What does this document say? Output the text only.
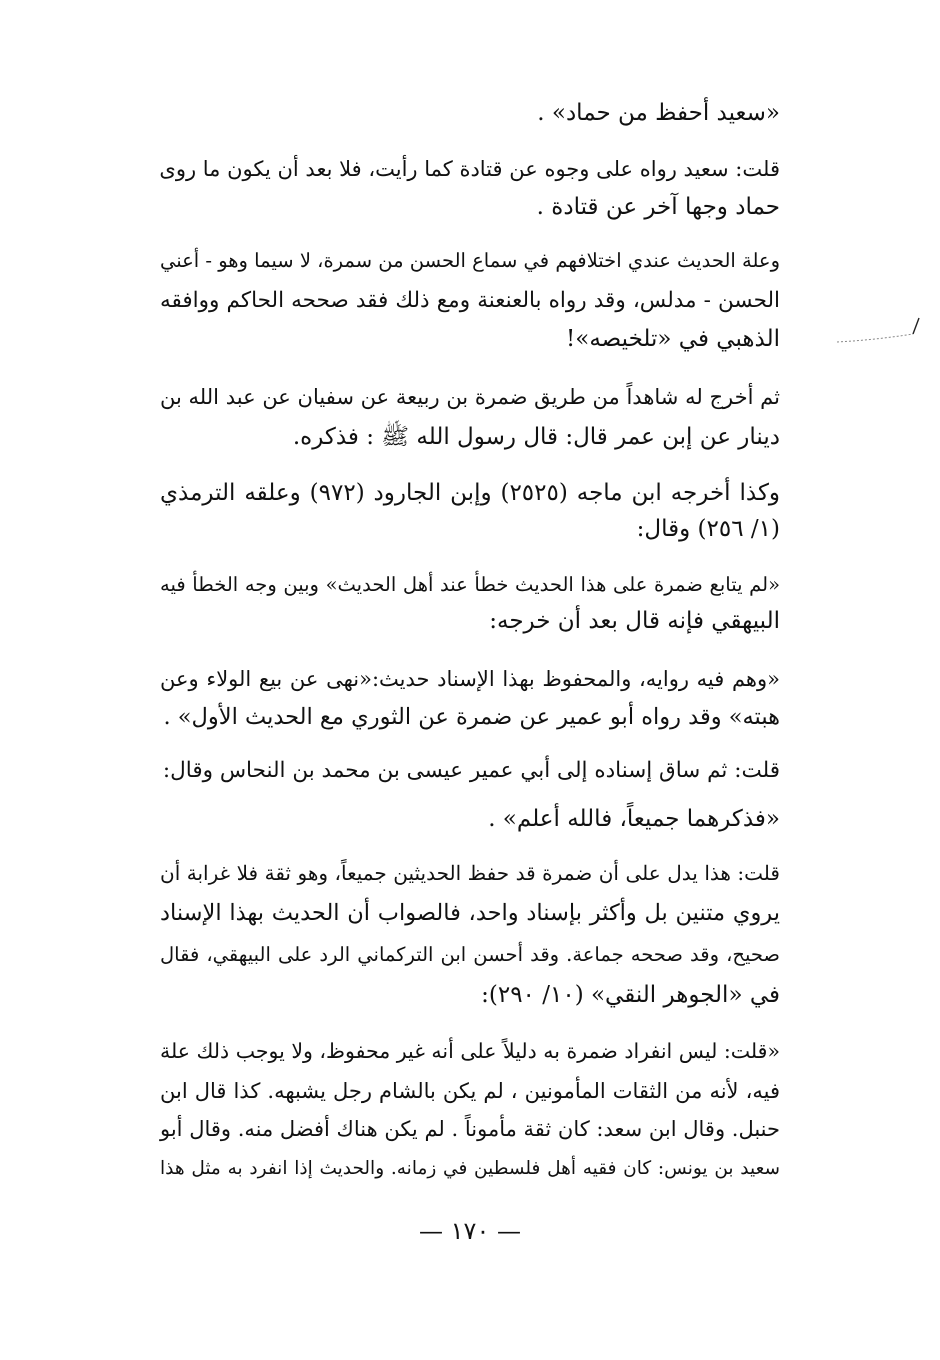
«سعيد أحفظ من حماد» .
قلت: سعيد رواه على وجوه عن قتادة كما رأيت، فلا بعد أن يكون ما روى
حماد وجها آخر عن قتادة .
وعلة الحديث عندي اختلافهم في سماع الحسن من سمرة، لا سيما وهو - أعني
الحسن - مدلس، وقد رواه بالعنعنة ومع ذلك فقد صححه الحاكم ووافقه
الذهبي في «تلخيصه»!
ثم أخرج له شاهداً من طريق ضمرة بن ربيعة عن سفيان عن عبد الله بن
دينار عن إبن عمر قال: قال رسول الله ﷺ : فذكره.
وكذا أخرجه ابن ماجه (٢٥٢٥) وإبن الجارود (٩٧٢) وعلقه الترمذي
(١/ ٢٥٦) وقال:
«لم يتابع ضمرة على هذا الحديث خطأ عند أهل الحديث» وبين وجه الخطأ فيه
البيهقي فإنه قال بعد أن خرجه:
«وهم فيه روايه، والمحفوظ بهذا الإسناد حديث:«نهى عن بيع الولاء وعن
هبته» وقد رواه أبو عمير عن ضمرة عن الثوري مع الحديث الأول» .
قلت: ثم ساق إسناده إلى أبي عمير عيسى بن محمد بن النحاس وقال:
«فذكرهما جميعاً، فالله أعلم» .
قلت: هذا يدل على أن ضمرة قد حفظ الحديثين جميعاً، وهو ثقة فلا غرابة أن
يروي متنين بل وأكثر بإسناد واحد، فالصواب أن الحديث بهذا الإسناد
صحيح، وقد صححه جماعة. وقد أحسن ابن التركماني الرد على البيهقي، فقال
في «الجوهر النقي» (١٠/ ٢٩٠):
«قلت: ليس انفراد ضمرة به دليلاً على أنه غير محفوظ، ولا يوجب ذلك علة
فيه، لأنه من الثقات المأمونين ، لم يكن بالشام رجل يشبهه. كذا قال ابن
حنبل. وقال ابن سعد: كان ثقة مأموناً . لم يكن هناك أفضل منه. وقال أبو
سعيد بن يونس: كان فقيه أهل فلسطين في زمانه. والحديث إذا انفرد به مثل هذا
— ١٧٠ —
